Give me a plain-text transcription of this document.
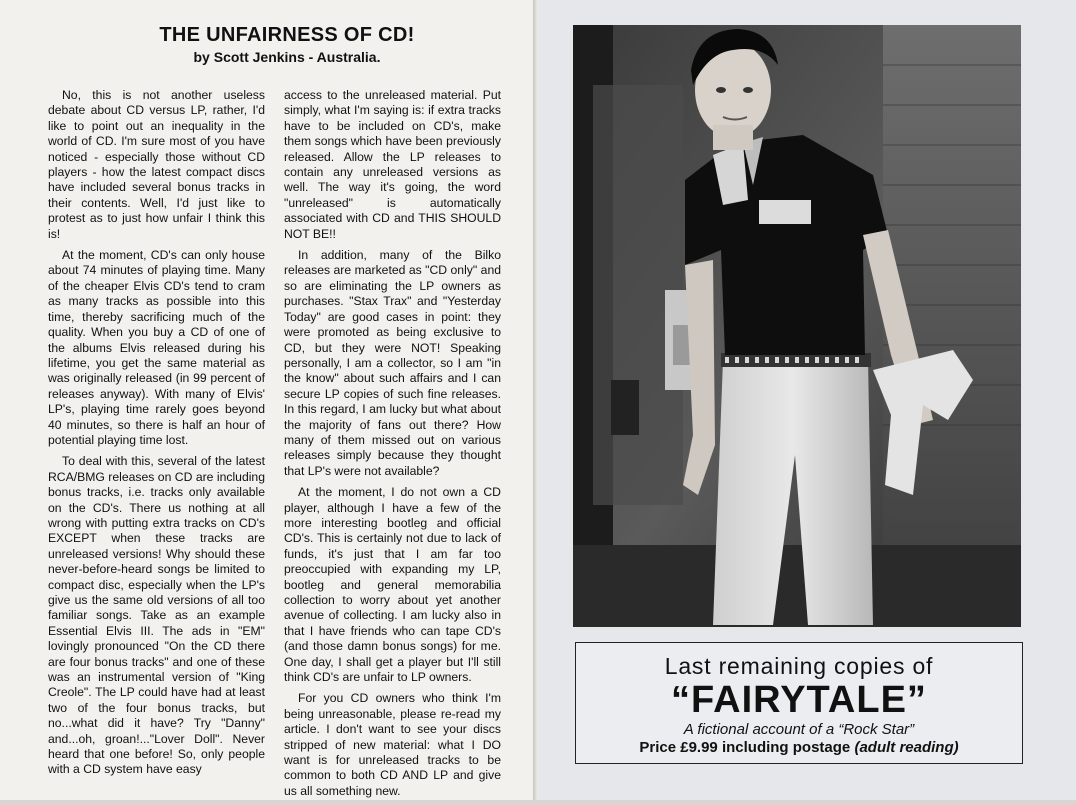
THE UNFAIRNESS OF CD!
by Scott Jenkins - Australia.

No, this is not another useless debate about CD versus LP, rather, I'd like to point out an inequality in the world of CD. I'm sure most of you have noticed - especially those without CD players - how the latest compact discs have included several bonus tracks in their contents. Well, I'd just like to protest as to just how unfair I think this is!

At the moment, CD's can only house about 74 minutes of playing time. Many of the cheaper Elvis CD's tend to cram as many tracks as possible into this time, thereby sacrificing much of the quality. When you buy a CD of one of the albums Elvis released during his lifetime, you get the same material as was originally released (in 99 percent of releases anyway). With many of Elvis' LP's, playing time rarely goes beyond 40 minutes, so there is half an hour of potential playing time lost.

To deal with this, several of the latest RCA/BMG releases on CD are including bonus tracks, i.e. tracks only available on the CD's. There us nothing at all wrong with putting extra tracks on CD's EXCEPT when these tracks are unreleased versions! Why should these never-before-heard songs be limited to compact disc, especially when the LP's give us the same old versions of all too familiar songs. Take as an example Essential Elvis III. The ads in "EM" lovingly pronounced "On the CD there are four bonus tracks" and one of these was an instrumental version of "King Creole". The LP could have had at least two of the four bonus tracks, but no...what did it have? Try "Danny" and...oh, groan!..."Lover Doll". Never heard that one before! So, only people with a CD system have easy

access to the unreleased material. Put simply, what I'm saying is: if extra tracks have to be included on CD's, make them songs which have been previously released. Allow the LP releases to contain any unreleased versions as well. The way it's going, the word "unreleased" is automatically associated with CD and THIS SHOULD NOT BE!!

In addition, many of the Bilko releases are marketed as "CD only" and so are eliminating the LP owners as purchases. "Stax Trax" and "Yesterday Today" are good cases in point: they were promoted as being exclusive to CD, but they were NOT! Speaking personally, I am a collector, so I am "in the know" about such affairs and I can secure LP copies of such fine releases. In this regard, I am lucky but what about the majority of fans out there? How many of them missed out on various releases simply because they thought that LP's were not available?

At the moment, I do not own a CD player, although I have a few of the more interesting bootleg and official CD's. This is certainly not due to lack of funds, it's just that I am far too preoccupied with expanding my LP, bootleg and general memorabilia collection to worry about yet another avenue of collecting. I am lucky also in that I have friends who can tape CD's (and those damn bonus songs) for me. One day, I shall get a player but I'll still think CD's are unfair to LP owners.

For you CD owners who think I'm being unreasonable, please re-read my article. I don't want to see your discs stripped of new material: what I DO want is for unreleased tracks to be common to both CD AND LP and give us all something new.

Last remaining copies of
“FAIRYTALE”
A fictional account of a “Rock Star”
Price £9.99 including postage (adult reading)
